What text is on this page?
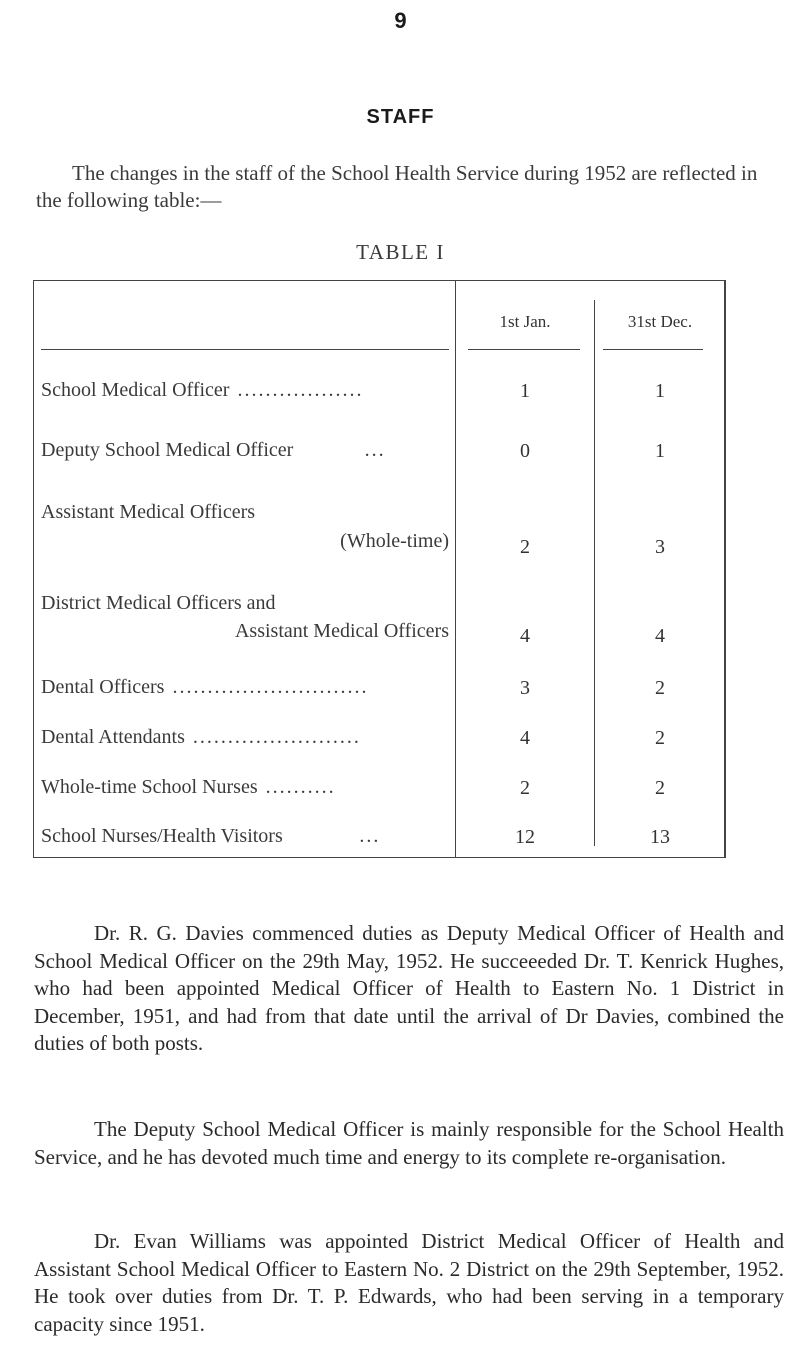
9
STAFF
The changes in the staff of the School Health Service during 1952 are reflected in the following table:—
TABLE I
1st Jan.	31st Dec.
School Medical Officer ..................	1	1
Deputy School Medical Officer	...	0	1
Assistant Medical Officers
(Whole-time)	2	3
District Medical Officers and
Assistant Medical Officers	4	4
Dental Officers ............................	3	2
Dental Attendants ........................	4	2
Whole-time School Nurses ..........	2	2
School Nurses/Health Visitors	...	12	13

Dr. R. G. Davies commenced duties as Deputy Medical Officer of Health and School Medical Officer on the 29th May, 1952. He succeeeded Dr. T. Kenrick Hughes, who had been appointed Medical Officer of Health to Eastern No. 1 District in December, 1951, and had from that date until the arrival of Dr Davies, combined the duties of both posts.

The Deputy School Medical Officer is mainly responsible for the School Health Service, and he has devoted much time and energy to its complete re-organisation.

Dr. Evan Williams was appointed District Medical Officer of Health and Assistant School Medical Officer to Eastern No. 2 District on the 29th September, 1952. He took over duties from Dr. T. P. Edwards, who had been serving in a temporary capacity since 1951.
